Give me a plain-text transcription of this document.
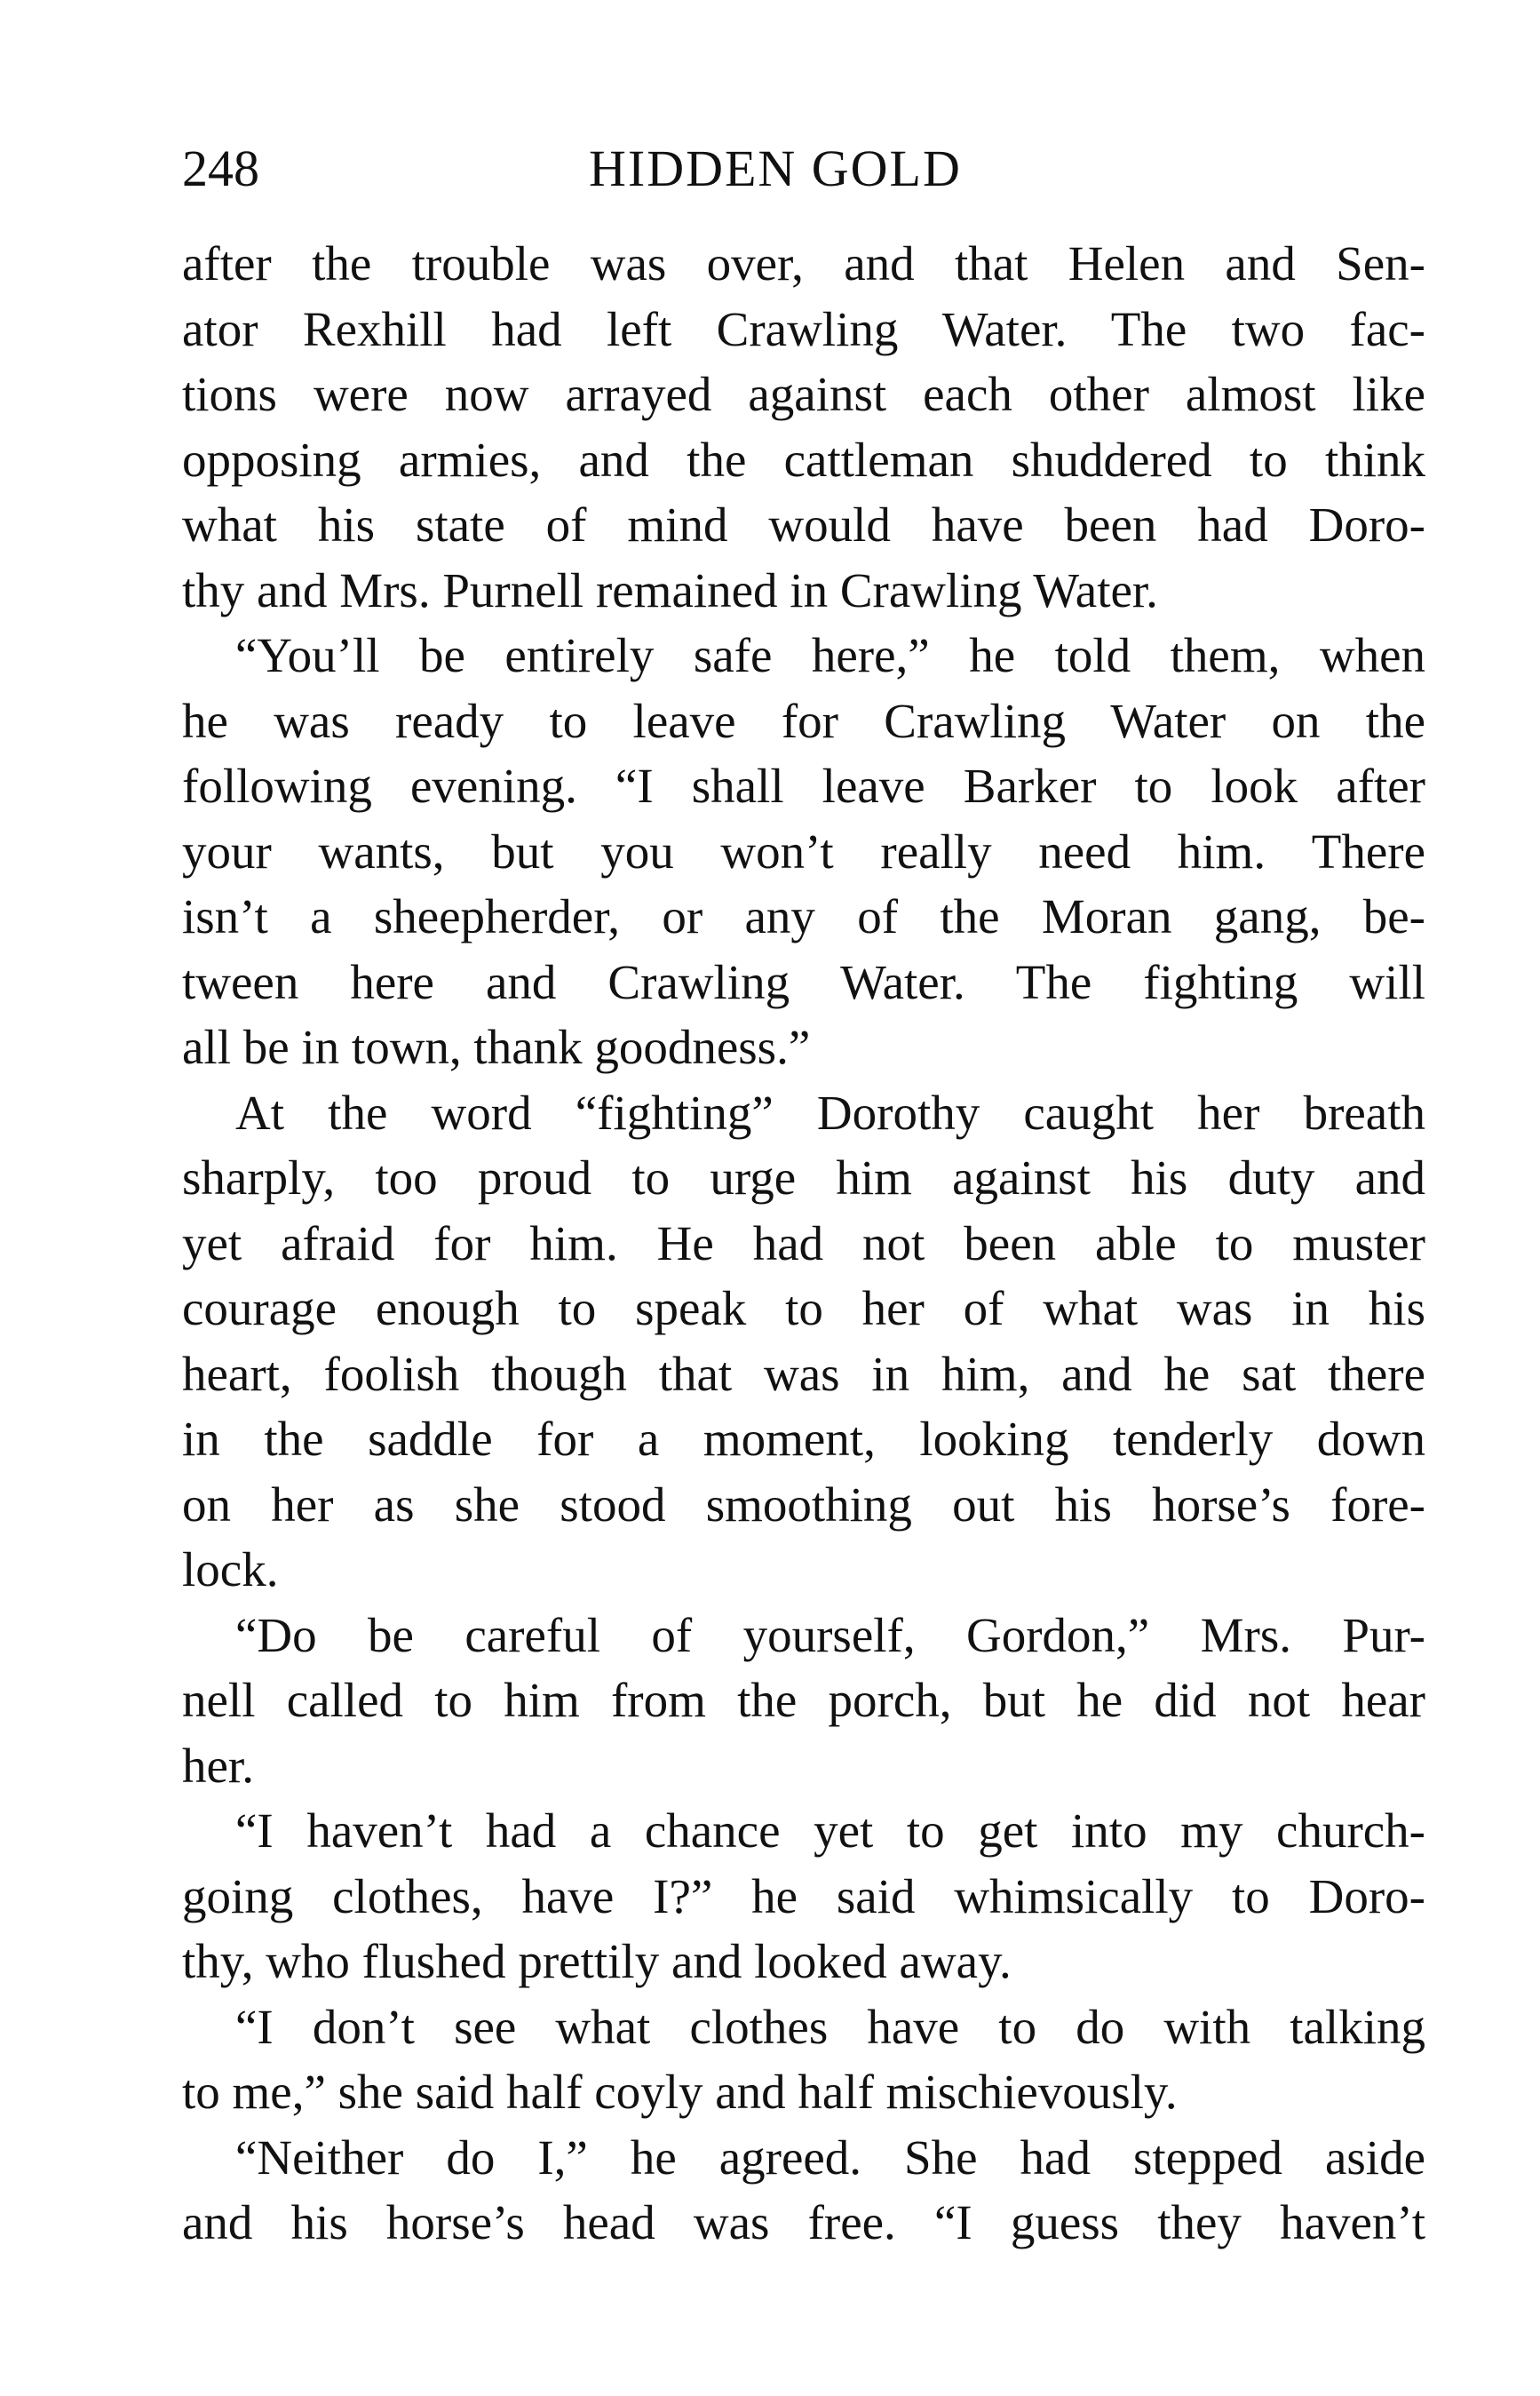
248	HIDDEN GOLD
after the trouble was over, and that Helen and Sen-
ator Rexhill had left Crawling Water. The two fac-
tions were now arrayed against each other almost like
opposing armies, and the cattleman shuddered to think
what his state of mind would have been had Doro-
thy and Mrs. Purnell remained in Crawling Water.
“You’ll be entirely safe here,” he told them, when
he was ready to leave for Crawling Water on the
following evening. “I shall leave Barker to look after
your wants, but you won’t really need him. There
isn’t a sheepherder, or any of the Moran gang, be-
tween here and Crawling Water. The fighting will
all be in town, thank goodness.”
At the word “fighting” Dorothy caught her breath
sharply, too proud to urge him against his duty and
yet afraid for him. He had not been able to muster
courage enough to speak to her of what was in his
heart, foolish though that was in him, and he sat there
in the saddle for a moment, looking tenderly down
on her as she stood smoothing out his horse’s fore-
lock.
“Do be careful of yourself, Gordon,” Mrs. Pur-
nell called to him from the porch, but he did not hear
her.
“I haven’t had a chance yet to get into my church-
going clothes, have I?” he said whimsically to Doro-
thy, who flushed prettily and looked away.
“I don’t see what clothes have to do with talking
to me,” she said half coyly and half mischievously.
“Neither do I,” he agreed. She had stepped aside
and his horse’s head was free. “I guess they haven’t
